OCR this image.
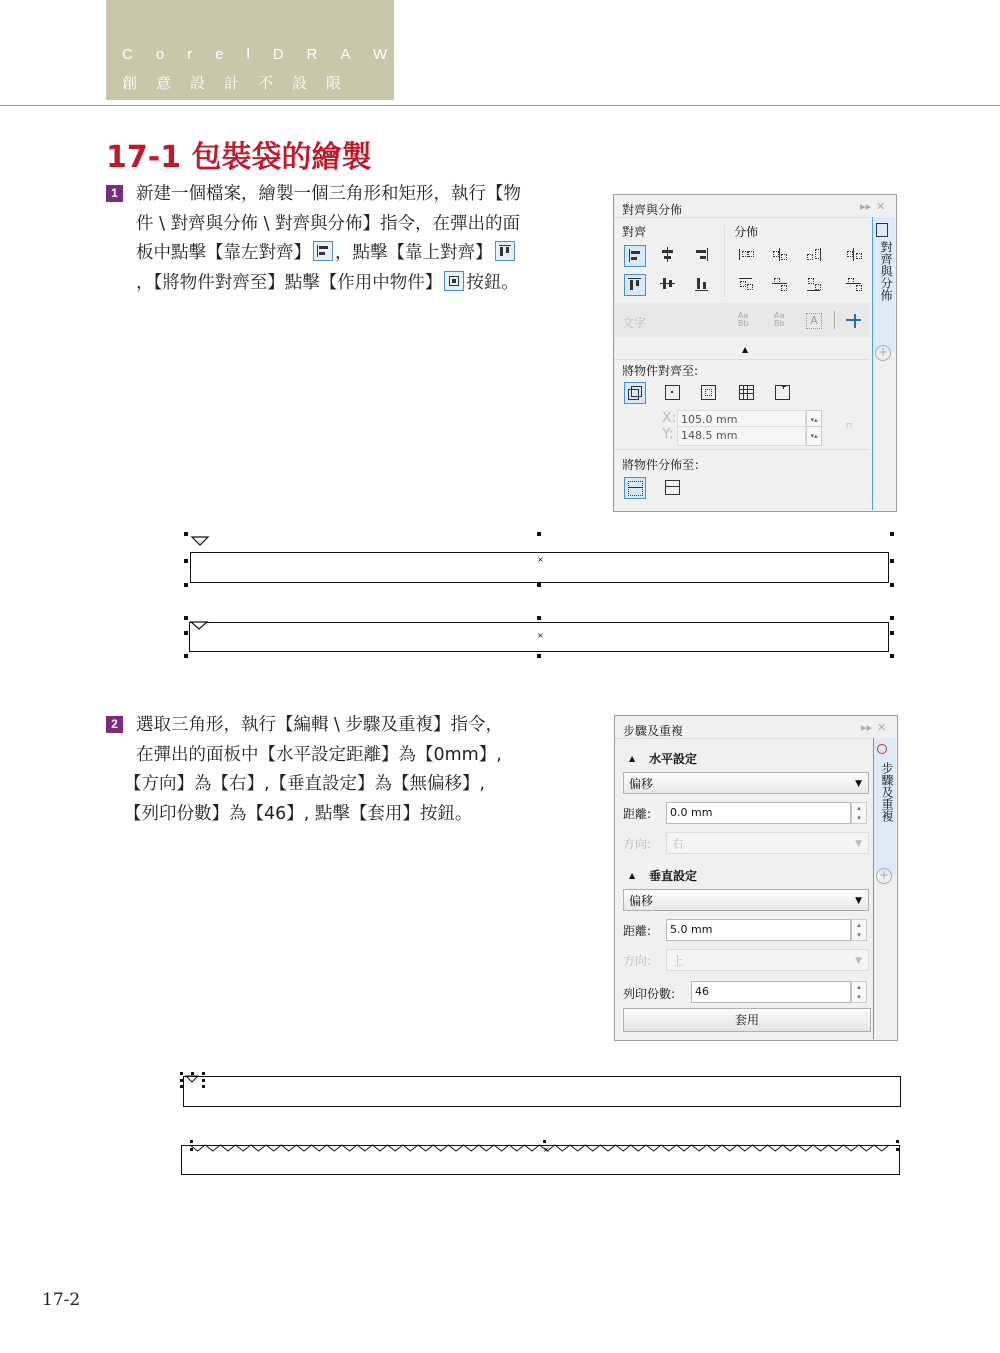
CorelDRAW
創意設計不設限
17-1 包裝袋的繪製
1 新建一個檔案，繪製一個三角形和矩形，執行【物
件 \ 對齊與分佈 \ 對齊與分佈】指令，在彈出的面
板中點擊【靠左對齊】 ，點擊【靠上對齊】
，【將物件對齊至】點擊【作用中物件】 按鈕。
對齊與分佈	▸▸ ✕
對齊	分佈
文字
Aa
Bb
Aa
Bb	A
▲
將物件對齊至:
X: 105.0 mm	▾▴
Y: 148.5 mm	▾▴
⊓
將物件分佈至：
對齊與分佈
+
×
×
2 選取三角形，執行【編輯 \ 步驟及重複】指令，
在彈出的面板中【水平設定距離】為【0mm】,
【方向】為【右】,【垂直設定】為【無偏移】,
【列印份數】為【46】, 點擊【套用】按鈕。
步驟及重複	▸▸ ✕
▲ 水平設定
偏移	▼
距離:	0.0 mm	▴
▾
方向:	右	▼
▲ 垂直設定
偏移	▼
距離:	5.0 mm	▴
▾
方向:	上	▼
列印份數:	46	▴
▾
套用
步驟及重複
+
×
17-2
